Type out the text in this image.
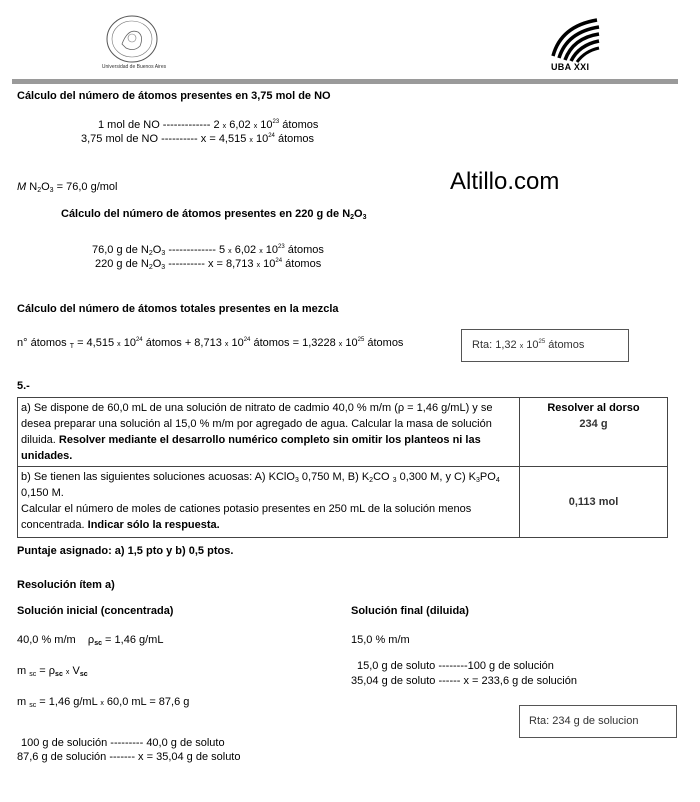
Universidad de Buenos Aires	UBA XXI
Altillo.com
Cálculo del número de átomos presentes en 3,75 mol de NO
1 mol de NO ------------- 2 x 6,02 x $10^{23}$ átomos
3,75 mol de NO ---------- x = 4,515 x $10^{24}$ átomos
M $N_2O_3 = 76,0$ g/mol
Cálculo del número de átomos presentes en 220 g de $N_2O_3$
76,0 g de $N_2O_3$ ------------- 5 x 6,02 x $10^{23}$ átomos
220 g de $N_2O_3$ ---------- x = 8,713 x $10^{24}$ átomos
Cálculo del número de átomos totales presentes en la mezcla
n° átomos $_T$ = 4,515 x $10^{24}$ átomos + 8,713 x $10^{24}$ átomos = 1,3228 x $10^{25}$ átomos	Rta: 1,32 x $10^{25}$ átomos
5.-
a) Se dispone de 60,0 mL de una solución de nitrato de cadmio 40,0 % m/m (ρ = 1,46 g/mL) y se desea preparar una solución al 15,0 % m/m por agregado de agua. Calcular la masa de solución diluida. Resolver mediante el desarrollo numérico completo sin omitir los planteos ni las unidades.	Resolver al dorso
234 g

b) Se tienen las siguientes soluciones acuosas: A) KClO$_3$ 0,750 M, B) $K_2CO$ $_3$ 0,300 M, y C) $K_3PO_4$ 0,150 M.
Calcular el número de moles de cationes potasio presentes en 250 mL de la solución menos concentrada. Indicar sólo la respuesta.	0,113 mol
Puntaje asignado: a) 1,5 pto y b) 0,5 ptos.
Resolución ítem a)
Solución inicial (concentrada)	Solución final (diluida)
40,0 % m/m $\rho_{sc} = 1,46$ g/mL	15,0 % m/m
m $_{sc} = \rho_{sc}$ x $V_{sc}$
15,0 g de soluto --------100 g de solución
35,04 g de soluto ------ x = 233,6 g de solución
m $_{sc}$ = 1,46 g/mL x 60,0 mL = 87,6 g
Rta: 234 g de solucion
100 g de solución --------- 40,0 g de soluto
87,6 g de solución ------- x = 35,04 g de soluto
